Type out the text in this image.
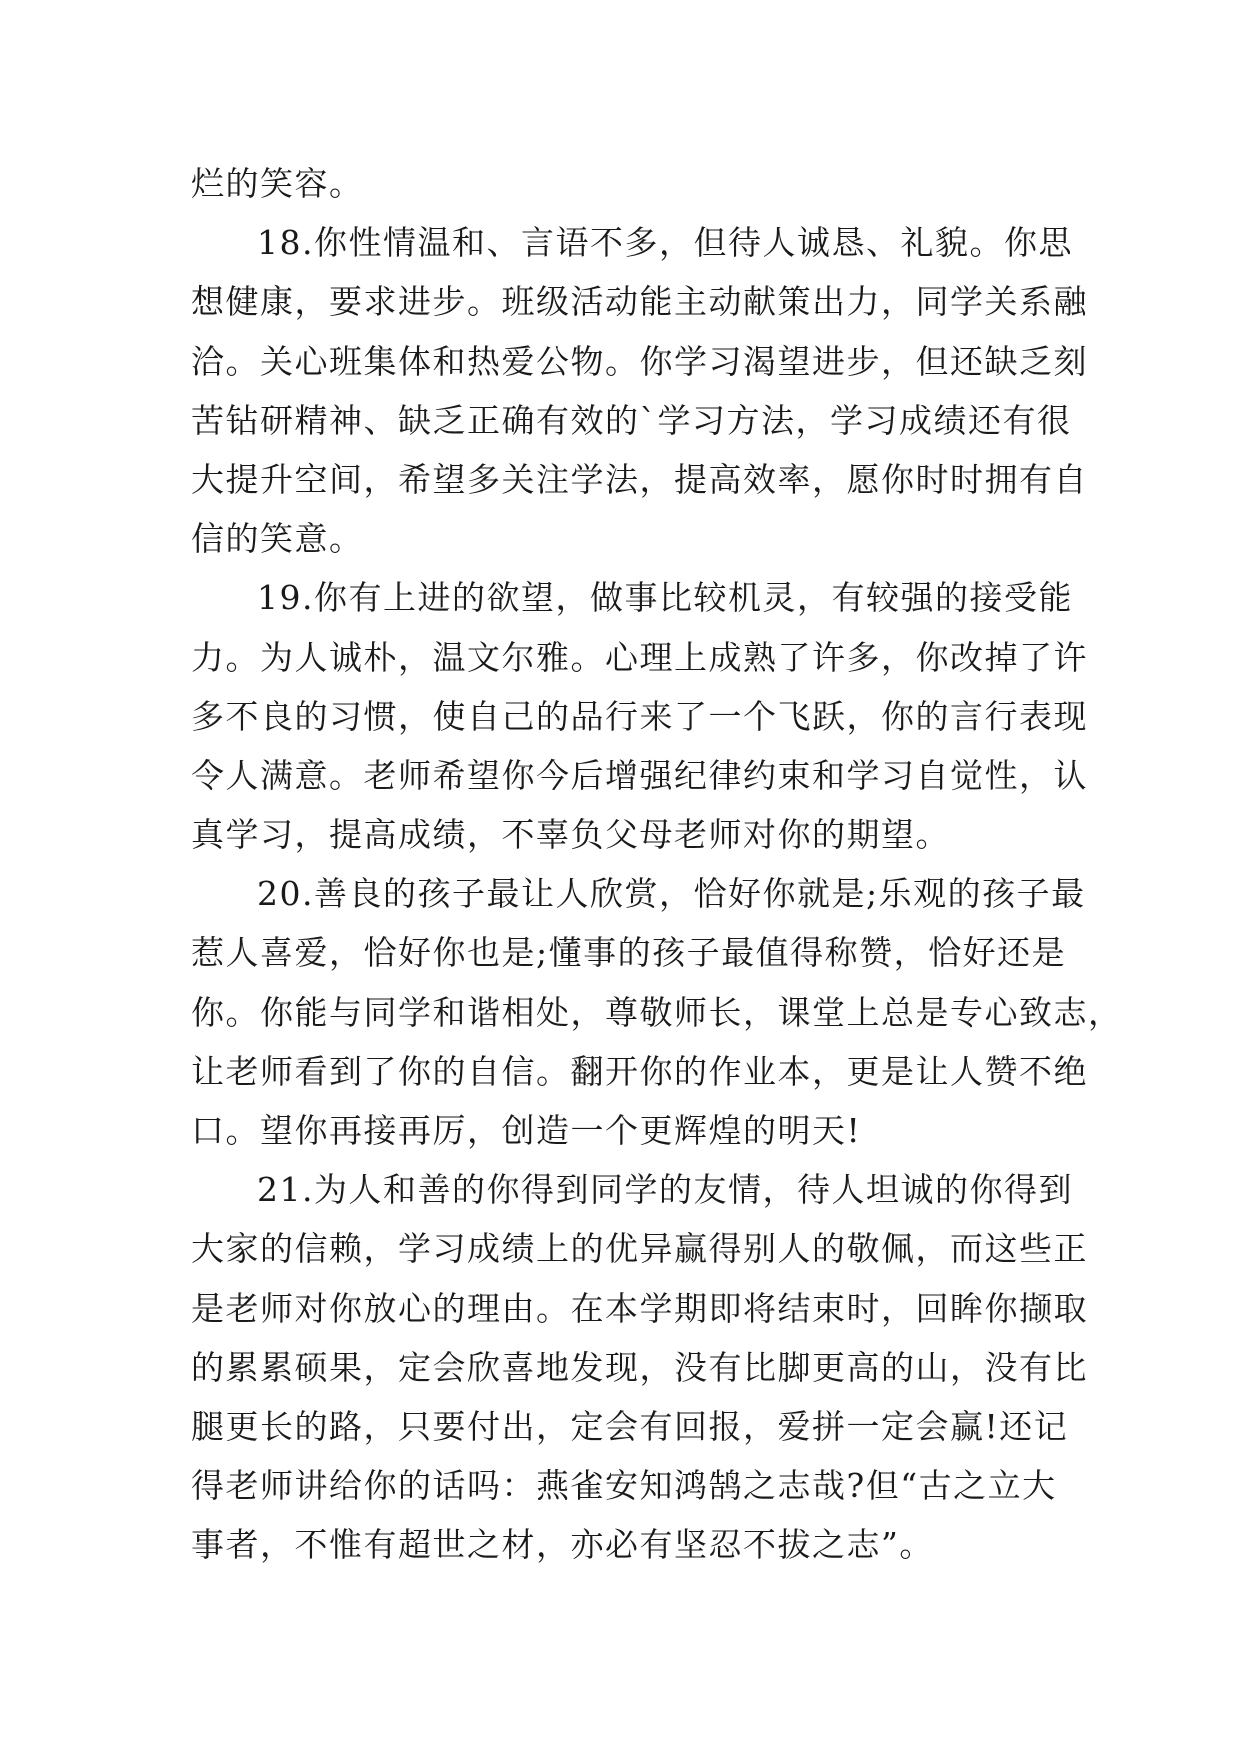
烂的笑容。
18.你性情温和、言语不多，但待人诚恳、礼貌。你思
想健康，要求进步。班级活动能主动献策出力，同学关系融
洽。关心班集体和热爱公物。你学习渴望进步，但还缺乏刻
苦钻研精神、缺乏正确有效的`学习方法，学习成绩还有很
大提升空间，希望多关注学法，提高效率，愿你时时拥有自
信的笑意。
19.你有上进的欲望，做事比较机灵，有较强的接受能
力。为人诚朴，温文尔雅。心理上成熟了许多，你改掉了许
多不良的习惯，使自己的品行来了一个飞跃，你的言行表现
令人满意。老师希望你今后增强纪律约束和学习自觉性，认
真学习，提高成绩，不辜负父母老师对你的期望。
20.善良的孩子最让人欣赏，恰好你就是;乐观的孩子最
惹人喜爱，恰好你也是;懂事的孩子最值得称赞，恰好还是
你。你能与同学和谐相处，尊敬师长，课堂上总是专心致志，
让老师看到了你的自信。翻开你的作业本，更是让人赞不绝
口。望你再接再厉，创造一个更辉煌的明天!
21.为人和善的你得到同学的友情，待人坦诚的你得到
大家的信赖，学习成绩上的优异赢得别人的敬佩，而这些正
是老师对你放心的理由。在本学期即将结束时，回眸你撷取
的累累硕果，定会欣喜地发现，没有比脚更高的山，没有比
腿更长的路，只要付出，定会有回报，爱拼一定会赢!还记
得老师讲给你的话吗：燕雀安知鸿鹄之志哉?但“古之立大
事者，不惟有超世之材，亦必有坚忍不拔之志”。
